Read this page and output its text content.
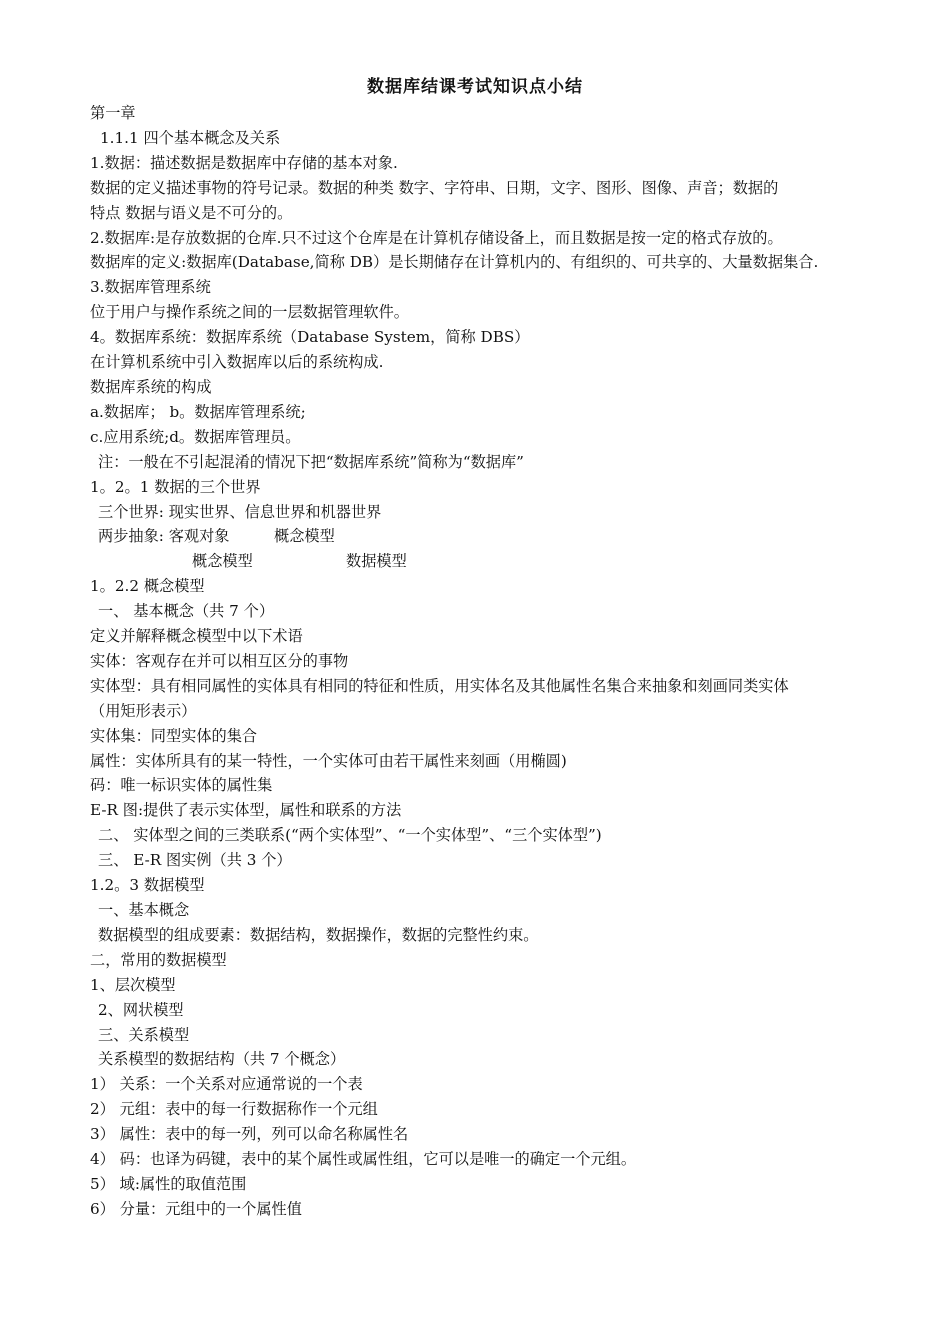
数据库结课考试知识点小结
第一章
1.1.1 四个基本概念及关系
1.数据：描述数据是数据库中存储的基本对象.
数据的定义描述事物的符号记录。数据的种类 数字、字符串、日期，文字、图形、图像、声音；数据的
特点 数据与语义是不可分的。
2.数据库:是存放数据的仓库.只不过这个仓库是在计算机存储设备上，而且数据是按一定的格式存放的。
数据库的定义:数据库(Database,简称 DB）是长期储存在计算机内的、有组织的、可共享的、大量数据集合.
3.数据库管理系统
位于用户与操作系统之间的一层数据管理软件。
4。数据库系统：数据库系统（Database System，简称 DBS）
在计算机系统中引入数据库以后的系统构成.
数据库系统的构成
a.数据库； b。数据库管理系统;
c.应用系统;d。数据库管理员。
注：一般在不引起混淆的情况下把“数据库系统”简称为“数据库”
1。2。1 数据的三个世界
三个世界: 现实世界、信息世界和机器世界
两步抽象: 客观对象	概念模型
概念模型	数据模型
1。2.2 概念模型
一、 基本概念（共 7 个）
定义并解释概念模型中以下术语
实体：客观存在并可以相互区分的事物
实体型：具有相同属性的实体具有相同的特征和性质，用实体名及其他属性名集合来抽象和刻画同类实体
（用矩形表示）
实体集：同型实体的集合
属性：实体所具有的某一特性，一个实体可由若干属性来刻画（用椭圆)
码：唯一标识实体的属性集
E-R 图:提供了表示实体型，属性和联系的方法
二、 实体型之间的三类联系(“两个实体型”、“一个实体型”、“三个实体型”)
三、 E-R 图实例（共 3 个）
1.2。3 数据模型
一、基本概念
数据模型的组成要素：数据结构，数据操作，数据的完整性约束。
二，常用的数据模型
1、层次模型
2、网状模型
三、关系模型
关系模型的数据结构（共 7 个概念）
1） 关系：一个关系对应通常说的一个表
2） 元组：表中的每一行数据称作一个元组
3） 属性：表中的每一列，列可以命名称属性名
4） 码：也译为码键，表中的某个属性或属性组，它可以是唯一的确定一个元组。
5） 域:属性的取值范围
6） 分量：元组中的一个属性值
